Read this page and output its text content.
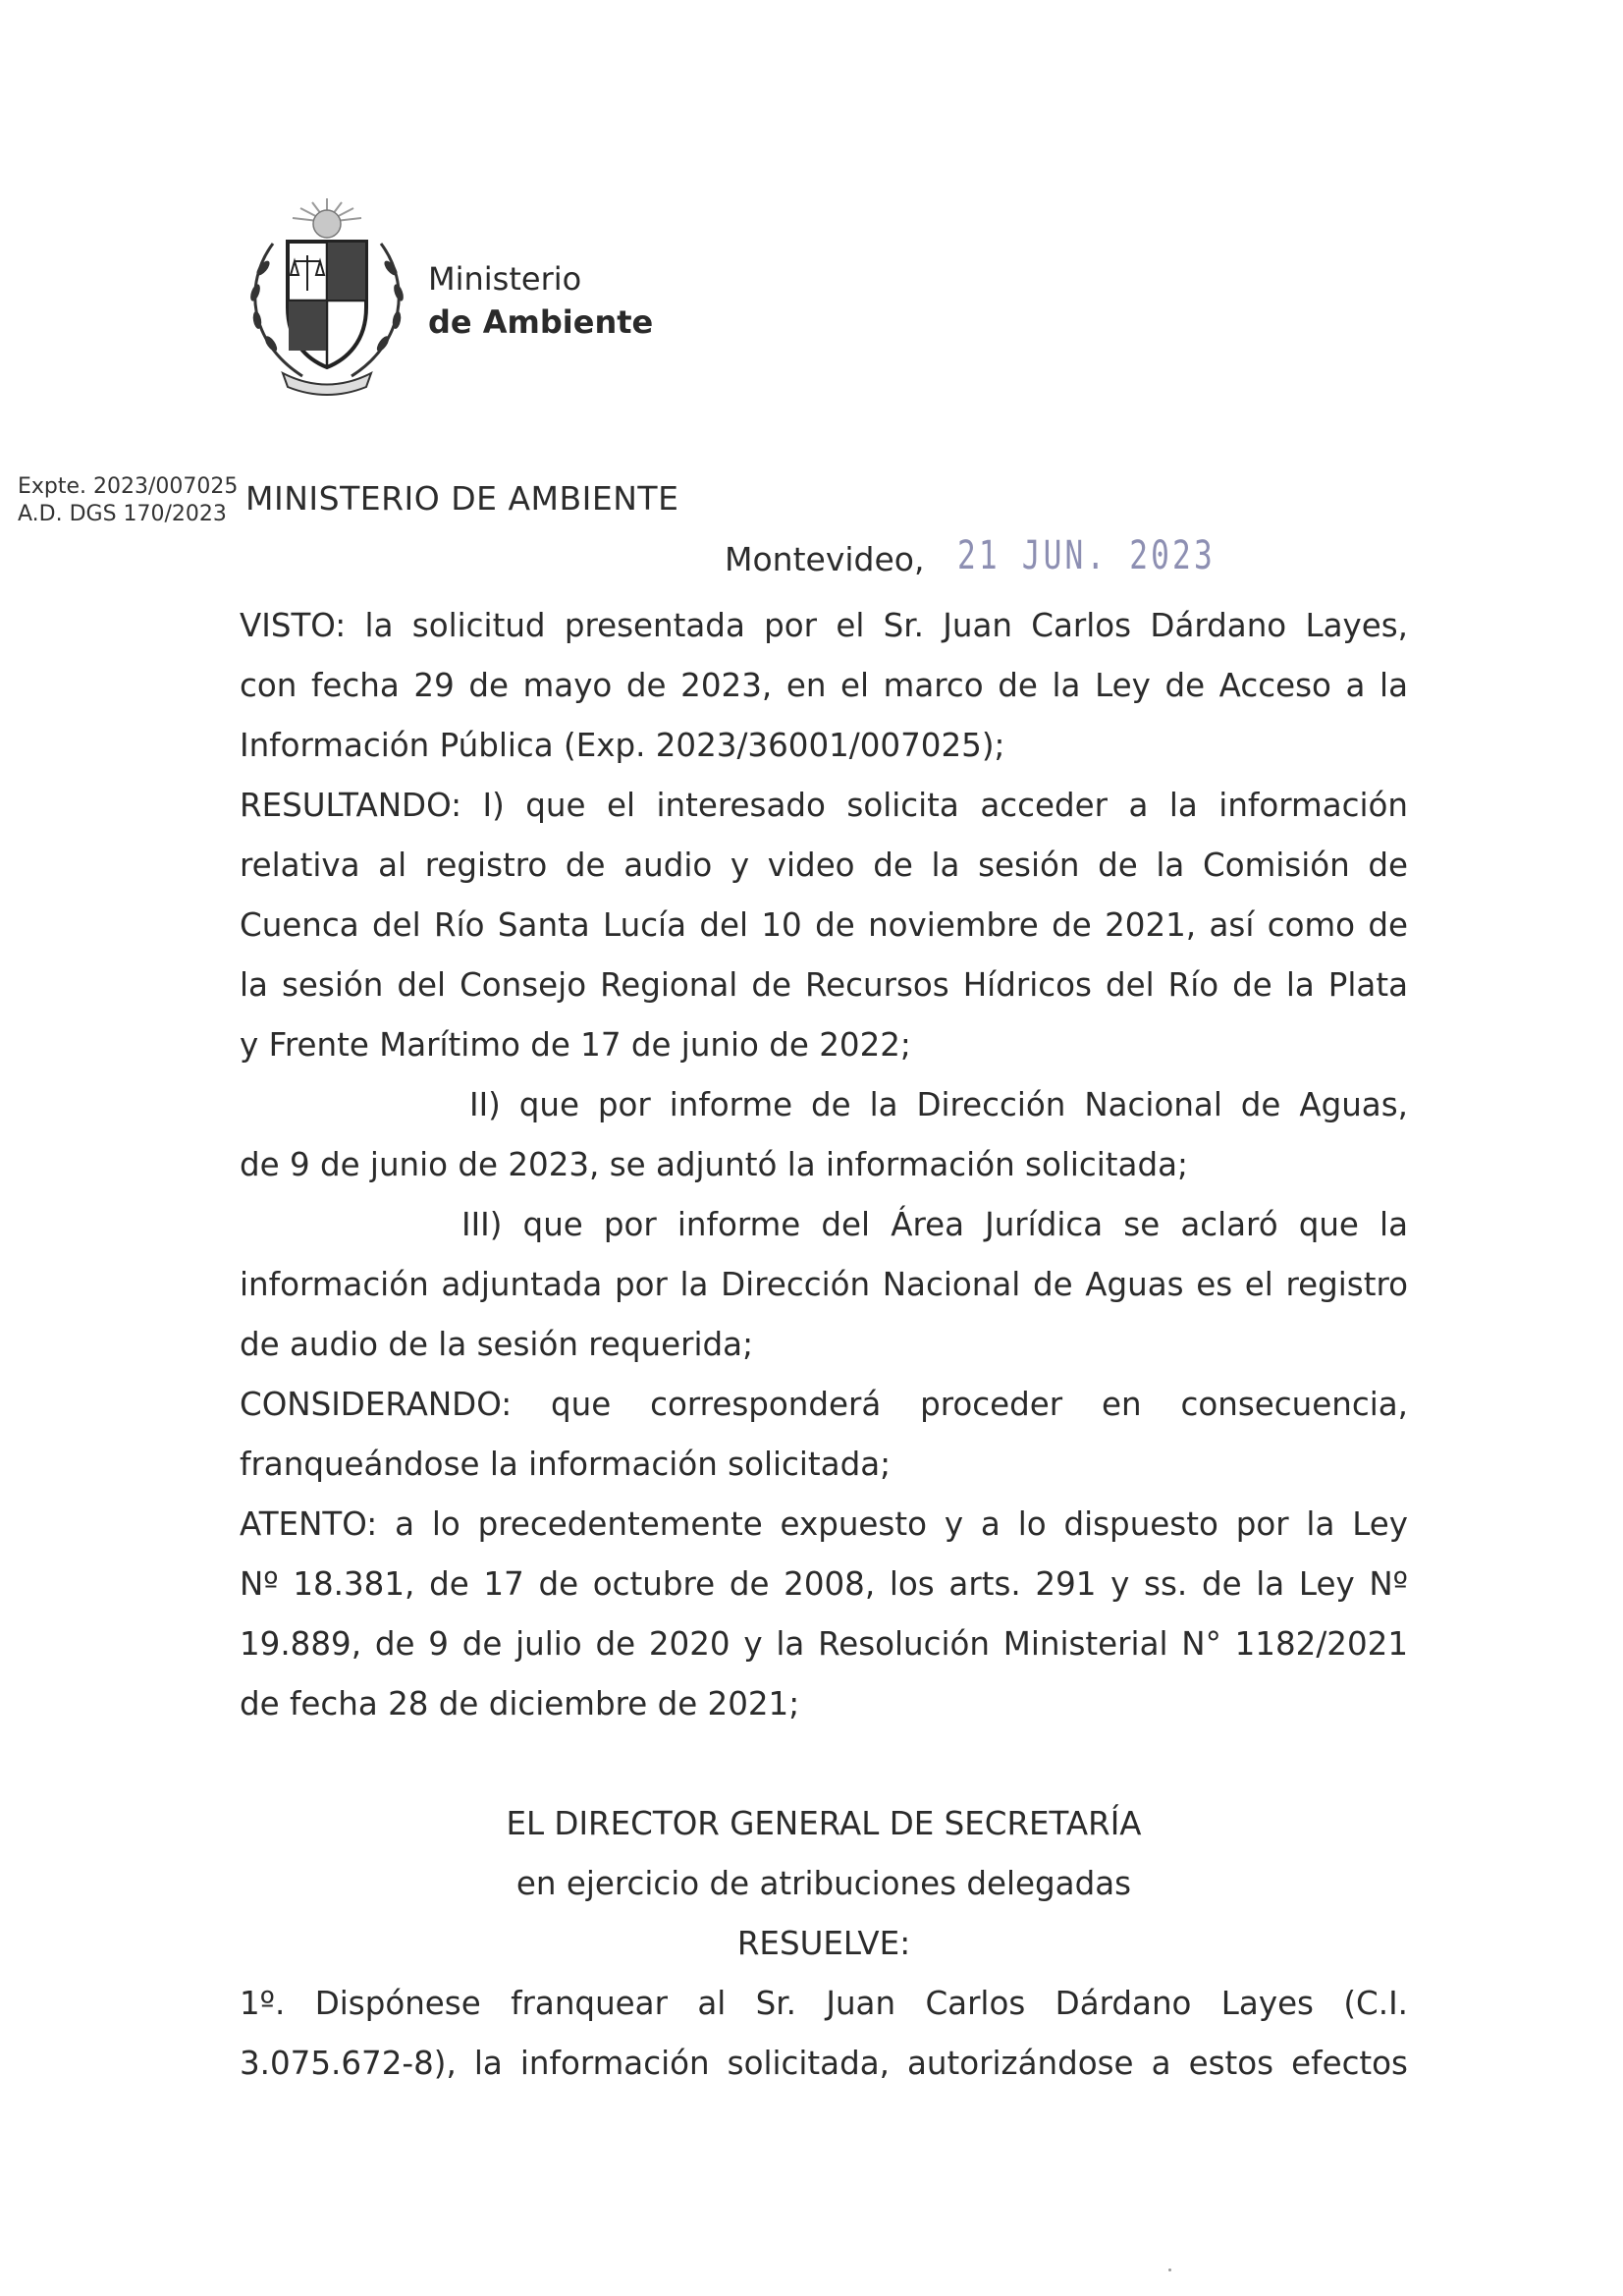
Ministerio

de Ambiente
Expte. 2023/007025
A.D. DGS 170/2023 MINISTERIO DE AMBIENTE
Montevideo, 21 JUN. 2023
VISTO: la solicitud presentada por el Sr. Juan Carlos Dárdano Layes,
con fecha 29 de mayo de 2023, en el marco de la Ley de Acceso a la
Información Pública (Exp. 2023/36001/007025);
RESULTANDO: I) que el interesado solicita acceder a la información
relativa al registro de audio y video de la sesión de la Comisión de
Cuenca del Río Santa Lucía del 10 de noviembre de 2021, así como de
la sesión del Consejo Regional de Recursos Hídricos del Río de la Plata
y Frente Marítimo de 17 de junio de 2022;
II) que por informe de la Dirección Nacional de Aguas,
de 9 de junio de 2023, se adjuntó la información solicitada;
III) que por informe del Área Jurídica se aclaró que la
información adjuntada por la Dirección Nacional de Aguas es el registro
de audio de la sesión requerida;
CONSIDERANDO: que corresponderá proceder en consecuencia,
franqueándose la información solicitada;
ATENTO: a lo precedentemente expuesto y a lo dispuesto por la Ley
Nº 18.381, de 17 de octubre de 2008, los arts. 291 y ss. de la Ley Nº
19.889, de 9 de julio de 2020 y la Resolución Ministerial N° 1182/2021
de fecha 28 de diciembre de 2021;
EL DIRECTOR GENERAL DE SECRETARÍA
en ejercicio de atribuciones delegadas
RESUELVE:
1º. Dispónese franquear al Sr. Juan Carlos Dárdano Layes (C.I.
3.075.672-8), la información solicitada, autorizándose a estos efectos
